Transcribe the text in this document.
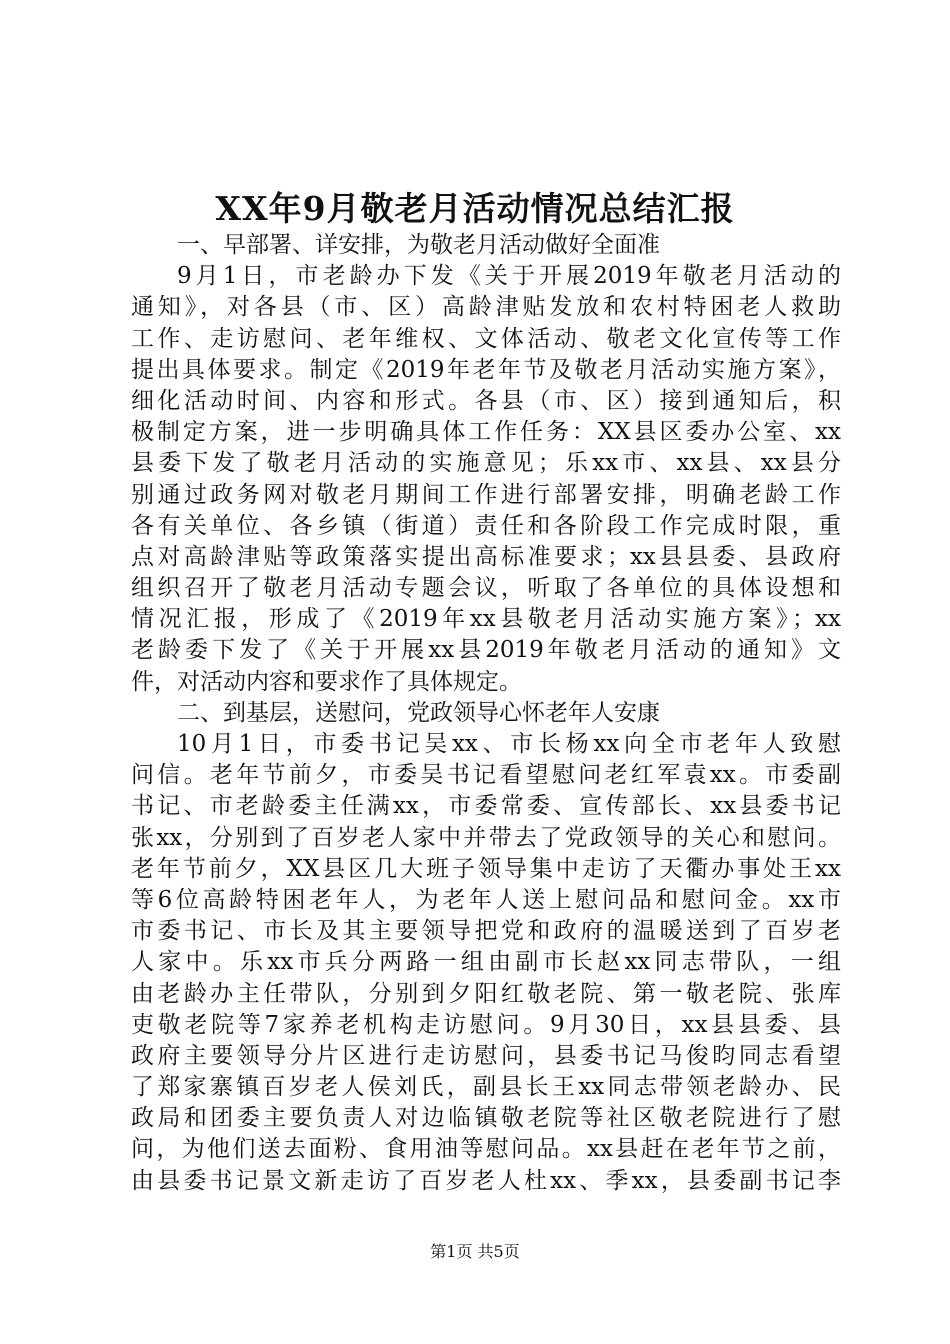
XX年9月敬老月活动情况总结汇报
一、早部署、详安排，为敬老月活动做好全面准
9月1日，市老龄办下发《关于开展2019年敬老月活动的
通知》，对各县（市、区）高龄津贴发放和农村特困老人救助
工作、走访慰问、老年维权、文体活动、敬老文化宣传等工作
提出具体要求。制定《2019年老年节及敬老月活动实施方案》，
细化活动时间、内容和形式。各县（市、区）接到通知后，积
极制定方案，进一步明确具体工作任务：XX县区委办公室、xx
县委下发了敬老月活动的实施意见；乐xx市、xx县、xx县分
别通过政务网对敬老月期间工作进行部署安排，明确老龄工作
各有关单位、各乡镇（街道）责任和各阶段工作完成时限，重
点对高龄津贴等政策落实提出高标准要求；xx县县委、县政府
组织召开了敬老月活动专题会议，听取了各单位的具体设想和
情况汇报，形成了《2019年xx县敬老月活动实施方案》；xx
老龄委下发了《关于开展xx县2019年敬老月活动的通知》文
件，对活动内容和要求作了具体规定。
二、到基层，送慰问，党政领导心怀老年人安康
10月1日，市委书记吴xx、市长杨xx向全市老年人致慰
问信。老年节前夕，市委吴书记看望慰问老红军袁xx。市委副
书记、市老龄委主任满xx，市委常委、宣传部长、xx县委书记
张xx，分别到了百岁老人家中并带去了党政领导的关心和慰问。
老年节前夕，XX县区几大班子领导集中走访了天衢办事处王xx
等6位高龄特困老年人，为老年人送上慰问品和慰问金。xx市
市委书记、市长及其主要领导把党和政府的温暖送到了百岁老
人家中。乐xx市兵分两路一组由副市长赵xx同志带队，一组
由老龄办主任带队，分别到夕阳红敬老院、第一敬老院、张库
吏敬老院等7家养老机构走访慰问。9月30日，xx县县委、县
政府主要领导分片区进行走访慰问，县委书记马俊昀同志看望
了郑家寨镇百岁老人侯刘氏，副县长王xx同志带领老龄办、民
政局和团委主要负责人对边临镇敬老院等社区敬老院进行了慰
问，为他们送去面粉、食用油等慰问品。xx县赶在老年节之前，
由县委书记景文新走访了百岁老人杜xx、季xx，县委副书记李
第1页 共5页
